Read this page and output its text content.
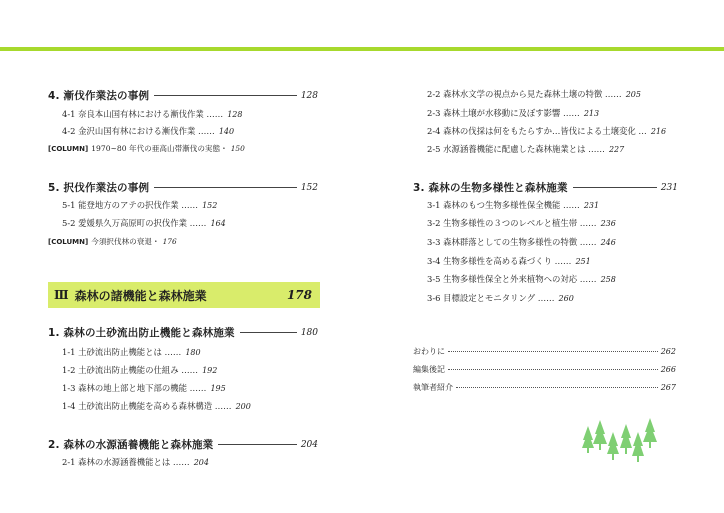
4. 漸伐作業法の事例	128
4-1 奈良本山国有林における漸伐作業 …… 128
4-2 金沢山国有林における漸伐作業 …… 140
[COLUMN] 1970~80 年代の亜高山帯漸伐の実態・ 150
5. 択伐作業法の事例	152
5-1 能登地方のアテの択伐作業 …… 152
5-2 愛媛県久万高原町の択伐作業 …… 164
[COLUMN] 今須択伐林の衰退・ 176
Ⅲ 森林の諸機能と森林施業	178
1. 森林の土砂流出防止機能と森林施業	180
1-1 土砂流出防止機能とは …… 180
1-2 土砂流出防止機能の仕組み …… 192
1-3 森林の地上部と地下部の機能 …… 195
1-4 土砂流出防止機能を高める森林構造 …… 200
2. 森林の水源涵養機能と森林施業	204
2-1 森林の水源涵養機能とは …… 204
2-2 森林水文学の視点から見た森林土壌の特徴 …… 205
2-3 森林土壌が水移動に及ぼす影響 …… 213
2-4 森林の伐採は何をもたらすか…皆伐による土壌変化 … 216
2-5 水源涵養機能に配慮した森林施業とは …… 227
3. 森林の生物多様性と森林施業	231
3-1 森林のもつ生物多様性保全機能 …… 231
3-2 生物多様性の３つのレベルと植生帯 …… 236
3-3 森林群落としての生物多様性の特徴 …… 246
3-4 生物多様性を高める森づくり …… 251
3-5 生物多様性保全と外来植物への対応 …… 258
3-6 目標設定とモニタリング …… 260
おわりに	262
編集後記	266
執筆者紹介	267
